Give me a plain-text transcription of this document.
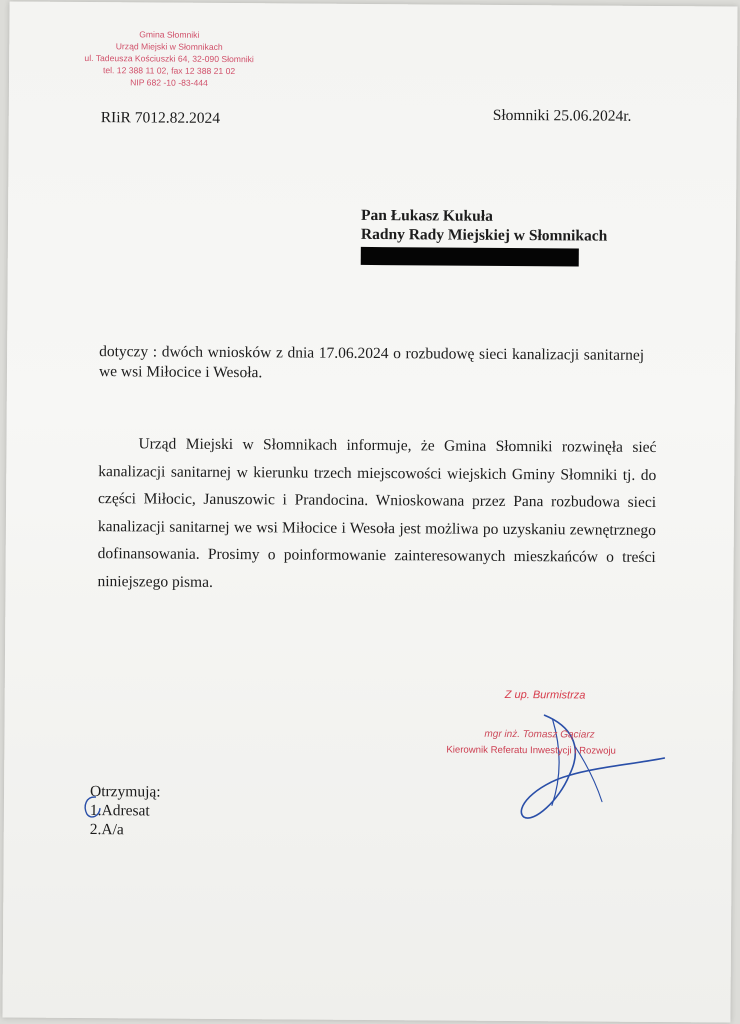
Gmina Słomniki
Urząd Miejski w Słomnikach
ul. Tadeusza Kościuszki 64, 32-090 Słomniki
tel. 12 388 11 02, fax 12 388 21 02
NIP 682 -10 -83-444
RIiR 7012.82.2024	Słomniki 25.06.2024r.
Pan Łukasz Kukuła
Radny Rady Miejskiej w Słomnikach
dotyczy : dwóch wniosków z dnia 17.06.2024 o rozbudowę sieci kanalizacji sanitarnej we wsi Miłocice i Wesoła.
Urząd Miejski w Słomnikach informuje, że Gmina Słomniki rozwinęła sieć kanalizacji sanitarnej w kierunku trzech miejscowości wiejskich Gminy Słomniki tj. do części Miłocic, Januszowic i Prandocina. Wnioskowana przez Pana rozbudowa sieci kanalizacji sanitarnej we wsi Miłocice i Wesoła jest możliwa po uzyskaniu zewnętrznego dofinansowania. Prosimy o poinformowanie zainteresowanych mieszkańców o treści niniejszego pisma.
Z up. Burmistrza
mgr inż. Tomasz Gąciarz
Kierownik Referatu Inwestycji i Rozwoju
Otrzymują:
1.Adresat
2.A/a
